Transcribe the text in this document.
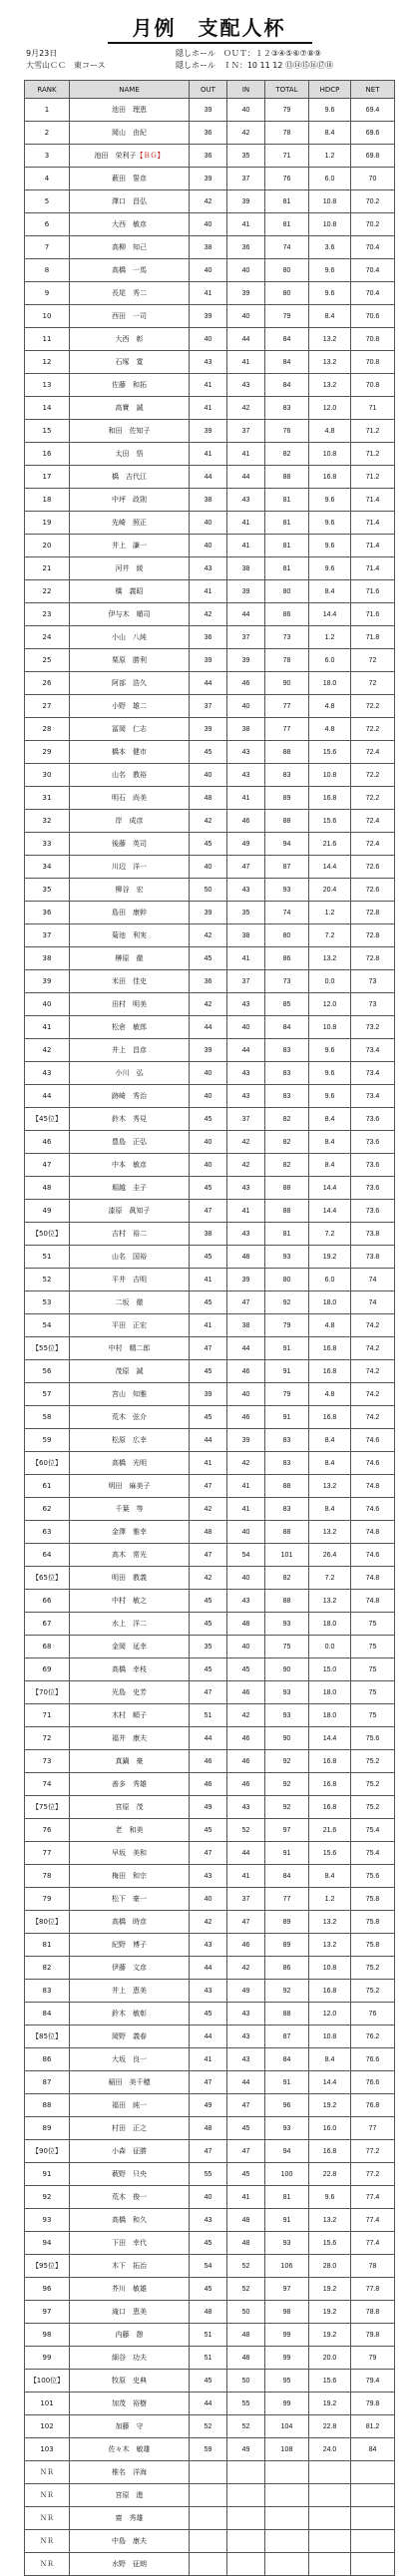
月例　支配人杯
9月23日
大雪山ＣＣ　東コース
隠しホール　ＯＵＴ：１２③④⑤⑥⑦⑧⑨
隠しホール　ＩＮ：10 11 12 ⑬⑭⑮⑯⑰⑱
RANK	NAME	OUT	IN	TOTAL	HDCP	NET
1	池田　理恵	39	40	79	9.6	69.4
2	岡山　由紀	36	42	78	8.4	69.6
3	池田　栄利子【ＢＧ】	36	35	71	1.2	69.8
4	薮田　誓彦	39	37	76	6.0	70
5	澤口　昌弘	42	39	81	10.8	70.2
6	大西　敏彦	40	41	81	10.8	70.2
7	高柳　知己	38	36	74	3.6	70.4
8	高橋　一馬	40	40	80	9.6	70.4
9	長尾　秀二	41	39	80	9.6	70.4
10	西田　一司	39	40	79	8.4	70.6
11	大西　彰	40	44	84	13.2	70.8
12	石塚　寛	43	41	84	13.2	70.8
13	佐藤　和拓	41	43	84	13.2	70.8
14	高寶　誠	41	42	83	12.0	71
15	和田　佐知子	39	37	76	4.8	71.2
16	太田　悟	41	41	82	10.8	71.2
17	橋　吉代江	44	44	88	16.8	71.2
18	中坪　政則	38	43	81	9.6	71.4
19	先崎　照正	40	41	81	9.6	71.4
20	井上　謙一	40	41	81	9.6	71.4
21	河井　綾	43	38	81	9.6	71.4
22	橋　義昭	41	39	80	8.4	71.6
23	伊与木　順司	42	44	86	14.4	71.6
24	小山　八純	36	37	73	1.2	71.8
25	栗原　勝利	39	39	78	6.0	72
26	阿部　浩久	44	46	90	18.0	72
27	小野　雄二	37	40	77	4.8	72.2
28	冨岡　仁志	39	38	77	4.8	72.2
29	橋本　健市	45	43	88	15.6	72.4
30	山名　教裕	40	43	83	10.8	72.2
31	明石　尚美	48	41	89	16.8	72.2
32	岸　成彦	42	46	88	15.6	72.4
33	後藤　英司	45	49	94	21.6	72.4
34	川辺　洋一	40	47	87	14.4	72.6
35	柳谷　宏	50	43	93	20.4	72.6
36	島田　康幹	39	35	74	1.2	72.8
37	菊池　利実	42	38	80	7.2	72.8
38	榊原　徹	45	41	86	13.2	72.8
39	米田　佳史	36	37	73	0.0	73
40	田村　明美	42	43	85	12.0	73
41	松倉　敏郎	44	40	84	10.8	73.2
42	井上　昌彦	39	44	83	9.6	73.4
43	小川　弘	40	43	83	9.6	73.4
44	跡崎　秀治	40	43	83	9.6	73.4
【45位】	鈴木　秀見	45	37	82	8.4	73.6
46	豊島　正弘	40	42	82	8.4	73.6
47	中本　敏彦	40	42	82	8.4	73.6
48	堀越　圭子	45	43	88	14.4	73.6
49	漆原　眞知子	47	41	88	14.4	73.6
【50位】	吉村　裕二	38	43	81	7.2	73.8
51	山名　国裕	45	48	93	19.2	73.8
52	平井　吉明	41	39	80	6.0	74
53	二坂　徹	45	47	92	18.0	74
54	平田　正宏	41	38	79	4.8	74.2
【55位】	中村　精二郎	47	44	91	16.8	74.2
56	茂原　誠	45	46	91	16.8	74.2
57	宮山　知雅	39	40	79	4.8	74.2
58	荒木　弦介	45	46	91	16.8	74.2
59	松原　広幸	44	39	83	8.4	74.6
【60位】	高橋　光明	41	42	83	8.4	74.6
61	明田　麻美子	47	41	88	13.2	74.8
62	千葉　等	42	41	83	8.4	74.6
63	金澤　雅幸	48	40	88	13.2	74.8
64	高木　常光	47	54	101	26.4	74.6
【65位】	明田　教義	42	40	82	7.2	74.8
66	中村　敏之	45	43	88	13.2	74.8
67	水上　洋二	45	48	93	18.0	75
68	金岡　延幸	35	40	75	0.0	75
69	高橋　幸枝	45	45	90	15.0	75
【70位】	光島　史芳	47	46	93	18.0	75
71	木村　順子	51	42	93	18.0	75
72	福井　康夫	44	46	90	14.4	75.6
73	真鍋　豪	46	46	92	16.8	75.2
74	善多　秀雄	46	46	92	16.8	75.2
【75位】	宮原　茂	49	43	92	16.8	75.2
76	老　和美	45	52	97	21.6	75.4
77	早坂　美和	47	44	91	15.6	75.4
78	梅田　和宗	43	41	84	8.4	75.6
79	松下　豪一	40	37	77	1.2	75.8
【80位】	高橋　時彦	42	47	89	13.2	75.8
81	紀野　博子	43	46	89	13.2	75.8
82	伊藤　文彦	44	42	86	10.8	75.2
83	井上　恵美	43	49	92	16.8	75.2
84	鈴木　敏彰	45	43	88	12.0	76
【85位】	岡野　義春	44	43	87	10.8	76.2
86	大坂　良一	41	43	84	8.4	76.6
87	稲田　美千穂	47	44	91	14.4	76.6
88	福田　純一	49	47	96	19.2	76.8
89	村田　正之	48	45	93	16.0	77
【90位】	小森　征勝	47	47	94	16.8	77.2
91	薮野　只央	55	45	100	22.8	77.2
92	荒木　俊一	40	41	81	9.6	77.4
93	高橋　和久	43	48	91	13.2	77.4
94	下田　幸代	45	48	93	15.6	77.4
【95位】	木下　拓治	54	52	106	28.0	78
96	芥川　敏雄	45	52	97	19.2	77.8
97	滝口　恵美	48	50	98	19.2	78.8
98	内藤　憩	51	48	99	19.2	79.8
99	細谷　功夫	51	48	99	20.0	79
【100位】	牧原　史典	45	50	95	15.6	79.4
101	加茂　裕樹	44	55	99	19.2	79.8
102	加藤　守	52	52	104	22.8	81.2
103	佐々木　敏雄	59	49	108	24.0	84
ＮＲ	椎名　洋海					
ＮＲ	宮原　進					
ＮＲ	齋　秀雄					
ＮＲ	中島　康夫					
ＮＲ	水野　征朗					
